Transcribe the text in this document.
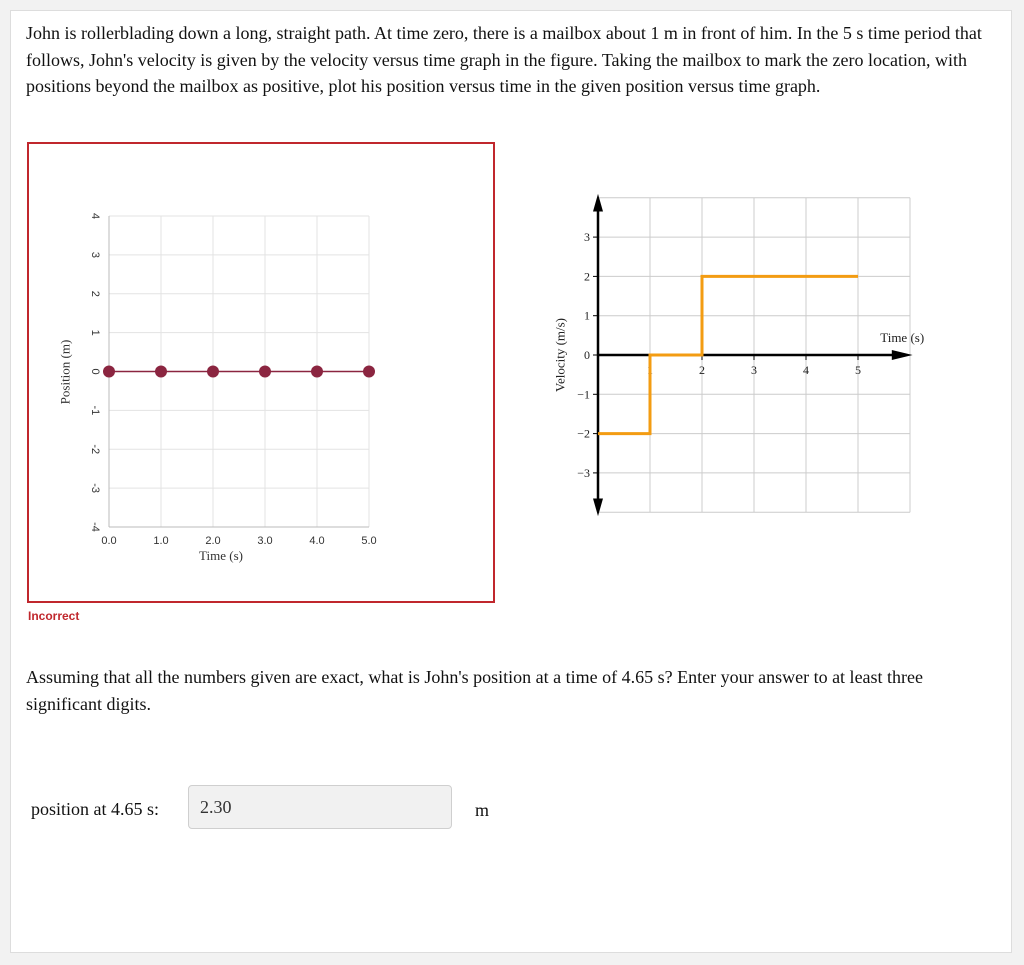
John is rollerblading down a long, straight path. At time zero, there is a mailbox about 1 m in front of him. In the 5 s time period that follows, John's velocity is given by the velocity versus time graph in the figure. Taking the mailbox to mark the zero location, with positions beyond the mailbox as positive, plot his position versus time in the given position versus time graph.

4
3
2
1
0
-1
-2
-3
-4
0.0	1.0	2.0	3.0	4.0	5.0
Time (s)
Position (m)
Incorrect
3
2
1
0
−1
−2
−3
1	2	3	4	5
Time (s)
Velocity (m/s)

Assuming that all the numbers given are exact, what is John's position at a time of 4.65 s? Enter your answer to at least three significant digits.

position at 4.65 s:
2.30	m
